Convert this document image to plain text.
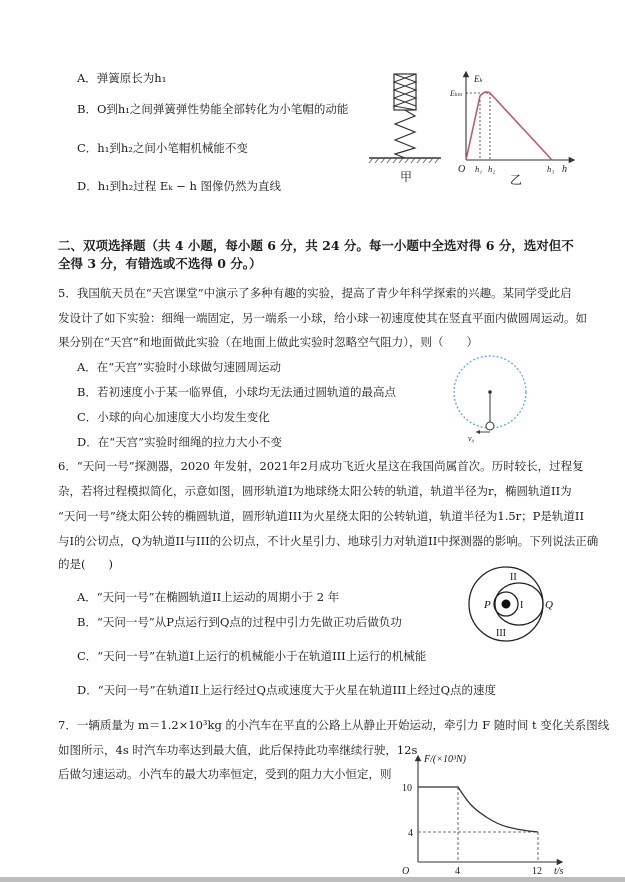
A．弹簧原长为h₁
B．O到h₁之间弹簧弹性势能全部转化为小笔帽的动能
C．h₁到h₂之间小笔帽机械能不变
D．h₁到h₂过程 Eₖ − h 图像仍然为直线
甲
Eₖ
Eₖₘ
O h₁ h₂	h₃ h
乙
二、双项选择题（共 4 小题，每小题 6 分，共 24 分。每一小题中全选对得 6 分，选对但不
全得 3 分，有错选或不选得 0 分。）
5．我国航天员在“天宫课堂”中演示了多种有趣的实验，提高了青少年科学探索的兴趣。某同学受此启
发设计了如下实验：细绳一端固定，另一端系一小球，给小球一初速度使其在竖直平面内做圆周运动。如
果分别在“天宫”和地面做此实验（在地面上做此实验时忽略空气阻力），则（　　）
A．在“天宫”实验时小球做匀速圆周运动
B．若初速度小于某一临界值，小球均无法通过圆轨道的最高点
C．小球的向心加速度大小均发生变化
D．在“天宫”实验时细绳的拉力大小不变	v₀
6．“天问一号”探测器，2020 年发射，2021年2月成功飞近火星这在我国尚属首次。历时较长，过程复
杂，若将过程模拟简化，示意如图，圆形轨道I为地球绕太阳公转的轨道，轨道半径为r，椭圆轨道II为
“天问一号”绕太阳公转的椭圆轨道，圆形轨道III为火星绕太阳的公转轨道，轨道半径为1.5r；P是轨道II
与I的公切点，Q为轨道II与III的公切点，不计火星引力、地球引力对轨道II中探测器的影响。下列说法正确
的是(　　)
A．“天问一号”在椭圆轨道II上运动的周期小于 2 年
B．“天问一号”从P点运行到Q点的过程中引力先做正功后做负功
C．“天问一号”在轨道I上运行的机械能小于在轨道III上运行的机械能
D．“天问一号”在轨道II上运行经过Q点或速度大于火星在轨道III上经过Q点的速度
P	Q
I
II
III
7．一辆质量为 m＝1.2×10³kg 的小汽车在平直的公路上从静止开始运动，牵引力 F 随时间 t 变化关系图线
如图所示，4s 时汽车功率达到最大值，此后保持此功率继续行驶，12s
后做匀速运动。小汽车的最大功率恒定，受到的阻力大小恒定，则
F/(×10³N)
t/s
O
10
4
4	12
